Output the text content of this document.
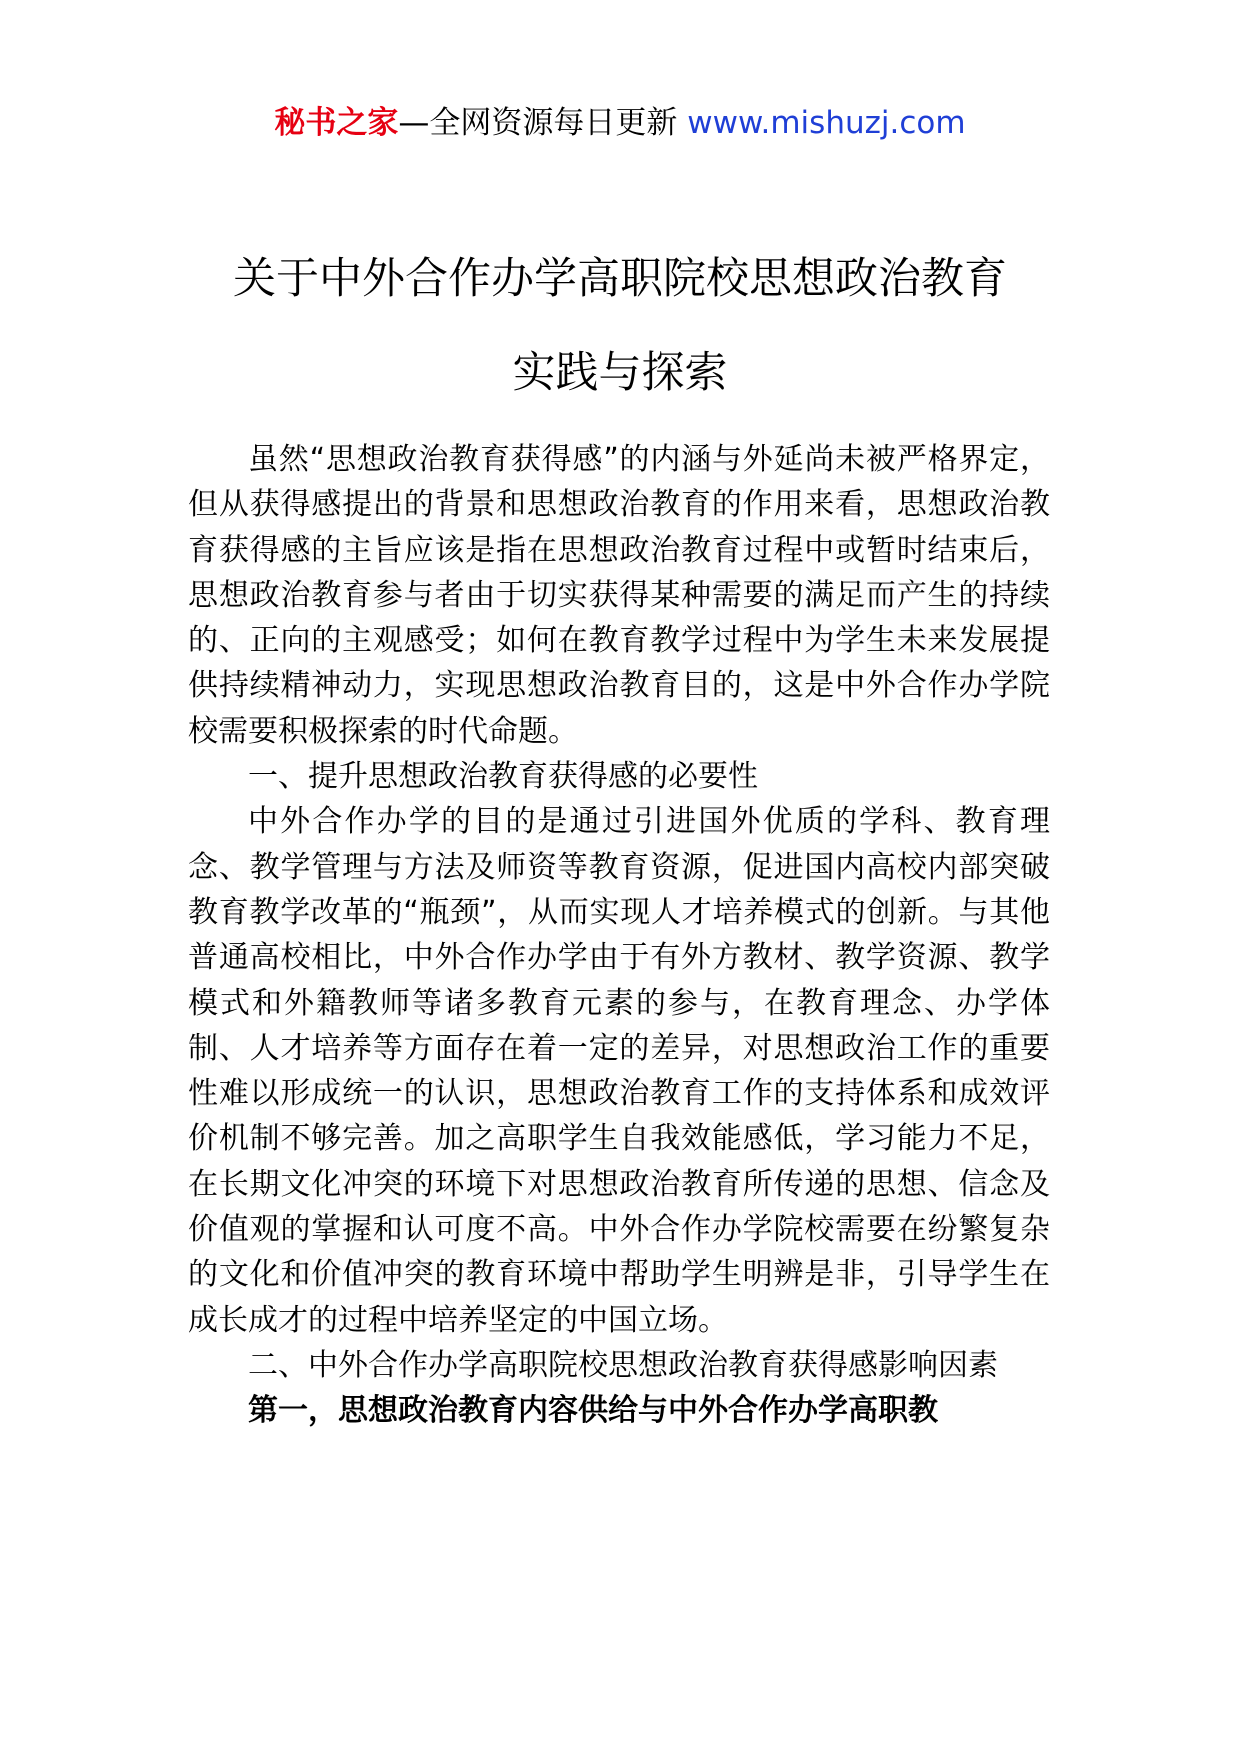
秘书之家—全网资源每日更新 www.mishuzj.com
关于中外合作办学高职院校思想政治教育
实践与探索

虽然“思想政治教育获得感”的内涵与外延尚未被严格界定，但从获得感提出的背景和思想政治教育的作用来看，思想政治教育获得感的主旨应该是指在思想政治教育过程中或暂时结束后，思想政治教育参与者由于切实获得某种需要的满足而产生的持续的、正向的主观感受；如何在教育教学过程中为学生未来发展提供持续精神动力，实现思想政治教育目的，这是中外合作办学院校需要积极探索的时代命题。

一、提升思想政治教育获得感的必要性

中外合作办学的目的是通过引进国外优质的学科、教育理念、教学管理与方法及师资等教育资源，促进国内高校内部突破教育教学改革的“瓶颈”，从而实现人才培养模式的创新。与其他普通高校相比，中外合作办学由于有外方教材、教学资源、教学模式和外籍教师等诸多教育元素的参与，在教育理念、办学体制、人才培养等方面存在着一定的差异，对思想政治工作的重要性难以形成统一的认识，思想政治教育工作的支持体系和成效评价机制不够完善。加之高职学生自我效能感低，学习能力不足，在长期文化冲突的环境下对思想政治教育所传递的思想、信念及价值观的掌握和认可度不高。中外合作办学院校需要在纷繁复杂的文化和价值冲突的教育环境中帮助学生明辨是非，引导学生在成长成才的过程中培养坚定的中国立场。

二、中外合作办学高职院校思想政治教育获得感影响因素

第一，思想政治教育内容供给与中外合作办学高职教
